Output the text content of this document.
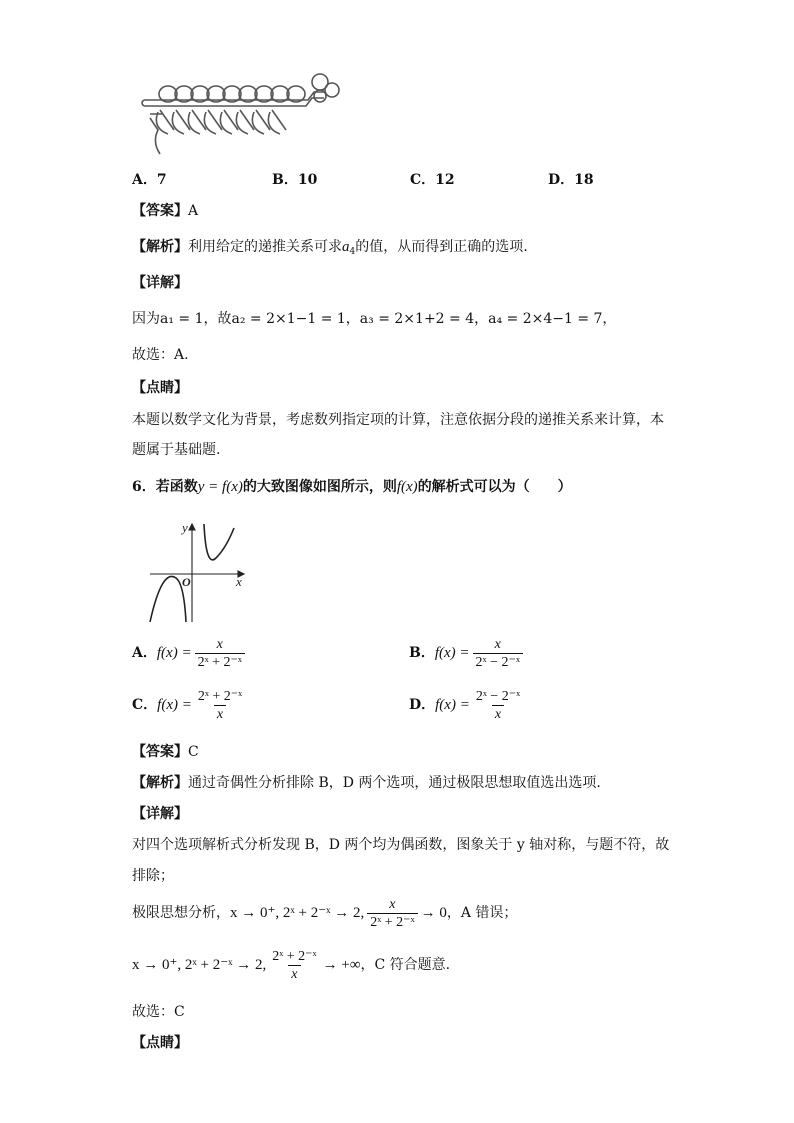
A．7	B．10	C．12	D．18
【答案】A
【解析】利用给定的递推关系可求$a_4$的值，从而得到正确的选项.
【详解】
因为a₁ = 1，故a₂ = 2×1−1 = 1，a₃ = 2×1+2 = 4，a₄ = 2×4−1 = 7，
故选：A.
【点睛】
本题以数学文化为背景，考虑数列指定项的计算，注意依据分段的递推关系来计算，本
题属于基础题.
6．若函数y = f(x)的大致图像如图所示，则f(x)的解析式可以为（　　）
y
x
O
A．$f(x) = \frac{x}{\text{2ˣ + 2⁻ˣ}}$	B．$f(x) = \frac{x}{\text{2ˣ − 2⁻ˣ}}$
C．$f(x) = \frac{\text{2ˣ + 2⁻ˣ}}{x}$	D．$f(x) = \frac{\text{2ˣ − 2⁻ˣ}}{x}$
【答案】C
【解析】通过奇偶性分析排除 B，D 两个选项，通过极限思想取值选出选项.
【详解】
对四个选项解析式分析发现 B，D 两个均为偶函数，图象关于 y 轴对称，与题不符，故
排除；
极限思想分析，x → 0⁺, 2ˣ + 2⁻ˣ → 2, $\frac{x}{\text{2ˣ + 2⁻ˣ}} \to 0$，A 错误；
x → 0⁺, 2ˣ + 2⁻ˣ → 2, $\frac{\text{2ˣ + 2⁻ˣ}}{x}$ → +∞，C 符合题意.
故选：C
【点睛】
